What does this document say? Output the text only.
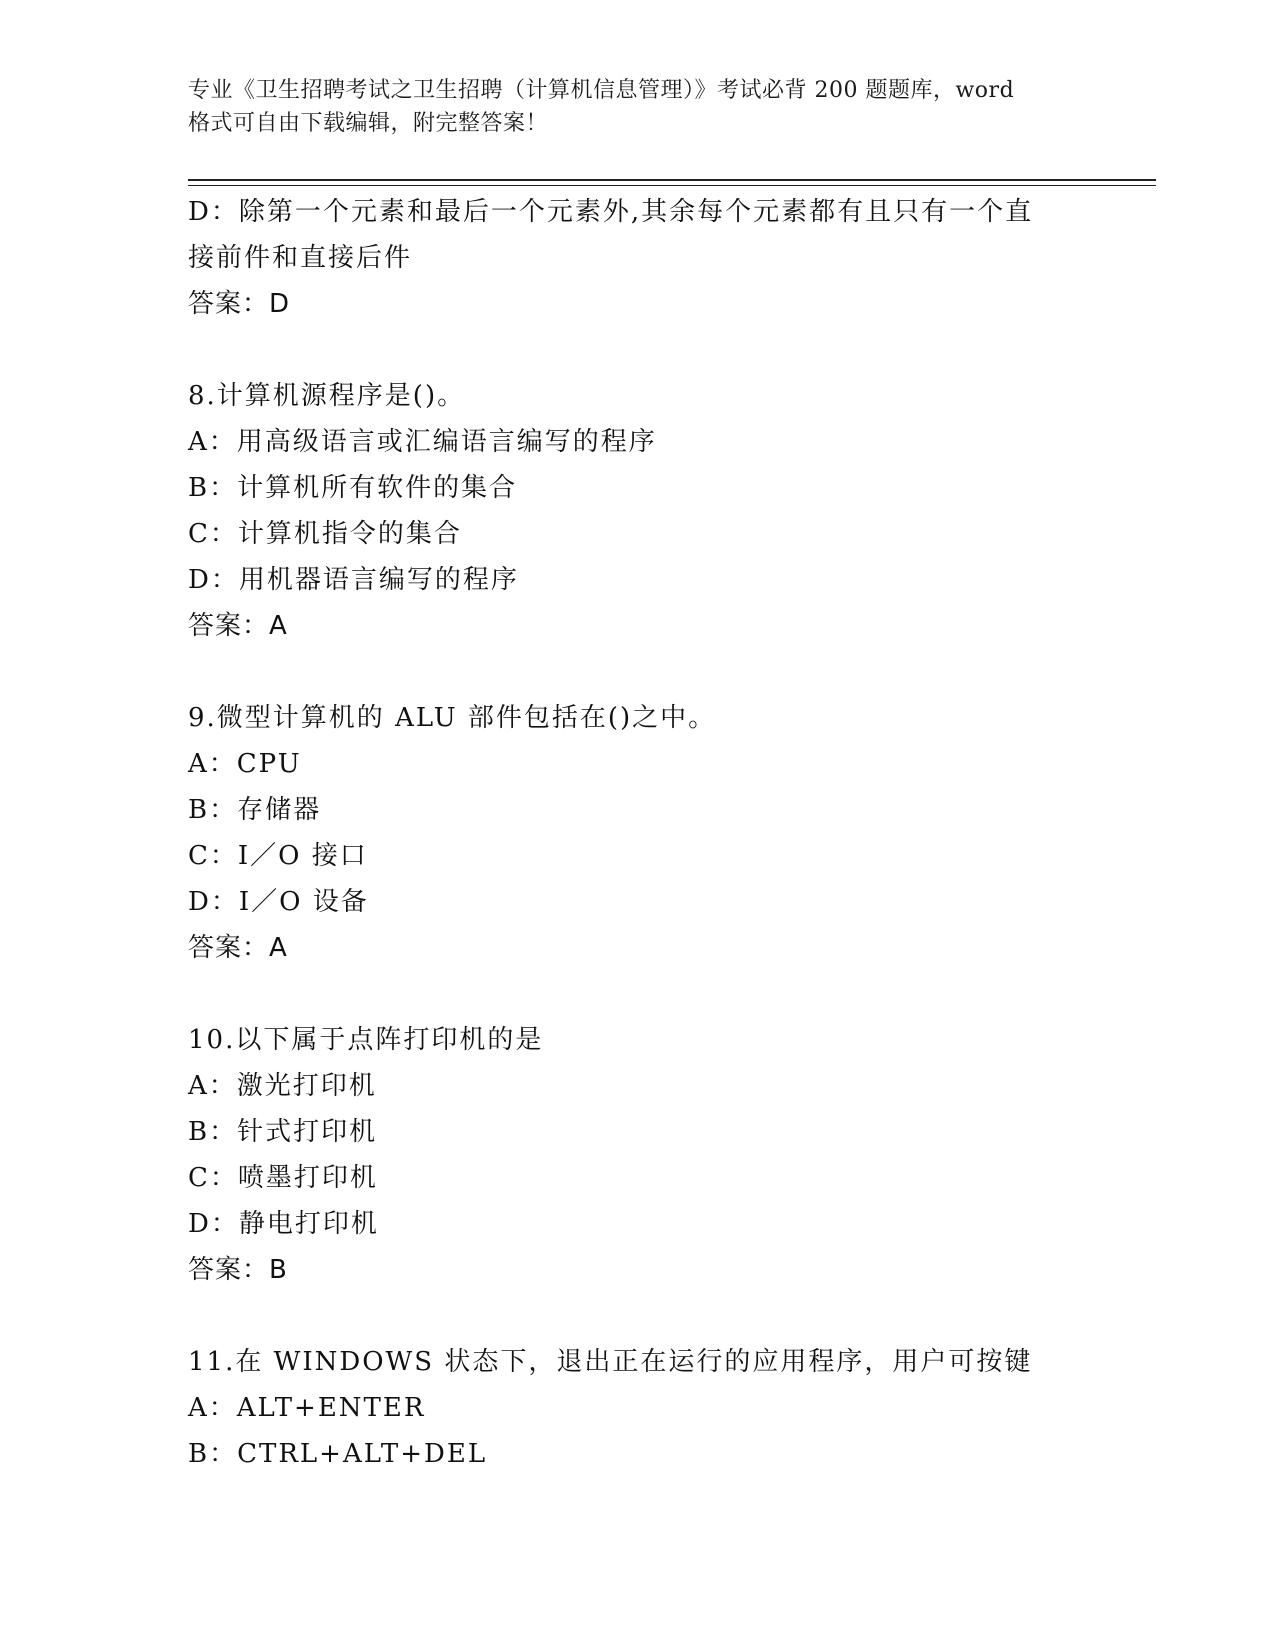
专业《卫生招聘考试之卫生招聘（计算机信息管理）》考试必背 200 题题库，word
格式可自由下载编辑，附完整答案！
D：除第一个元素和最后一个元素外,其余每个元素都有且只有一个直
接前件和直接后件
答案：D
8.计算机源程序是()。
A：用高级语言或汇编语言编写的程序
B：计算机所有软件的集合
C：计算机指令的集合
D：用机器语言编写的程序
答案：A
9.微型计算机的 ALU 部件包括在()之中。
A：CPU
B：存储器
C：I／O 接口
D：I／O 设备
答案：A
10.以下属于点阵打印机的是
A：激光打印机
B：针式打印机
C：喷墨打印机
D：静电打印机
答案：B
11.在 WINDOWS 状态下，退出正在运行的应用程序，用户可按键
A：ALT+ENTER
B：CTRL+ALT+DEL
